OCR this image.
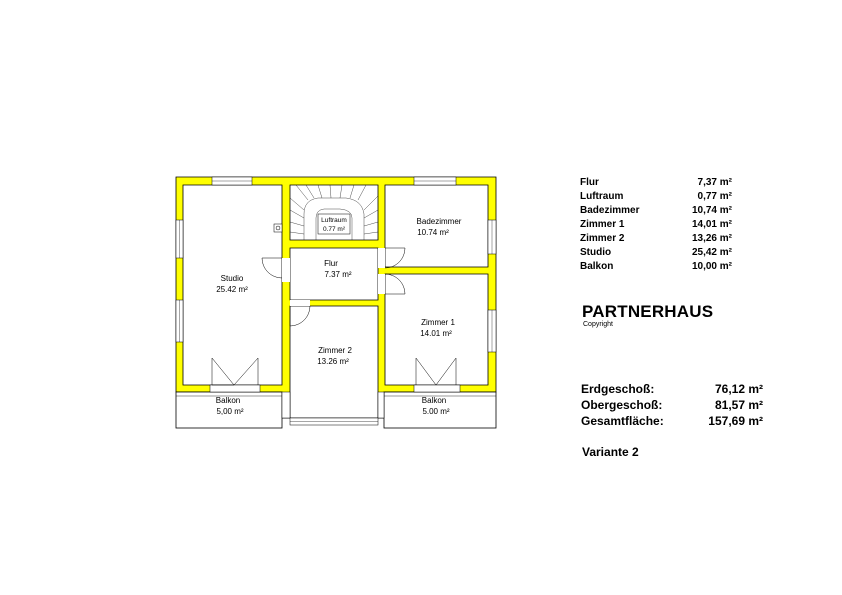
Studio
25.42 m²
Luftraum
0.77 m²
Flur
7.37 m²
Badezimmer
10.74 m²
Zimmer 1
14.01 m²
Zimmer 2
13.26 m²
Balkon
5,00 m²
Balkon
5.00 m²
Flur	7,37 m²
Luftraum	0,77 m²
Badezimmer	10,74 m²
Zimmer 1	14,01 m²
Zimmer 2	13,26 m²
Studio	25,42 m²
Balkon	10,00 m²
PARTNERHAUS
Copyright
Erdgeschoß:	76,12 m²
Obergeschoß:	81,57 m²
Gesamtfläche:	157,69 m²
Variante 2
